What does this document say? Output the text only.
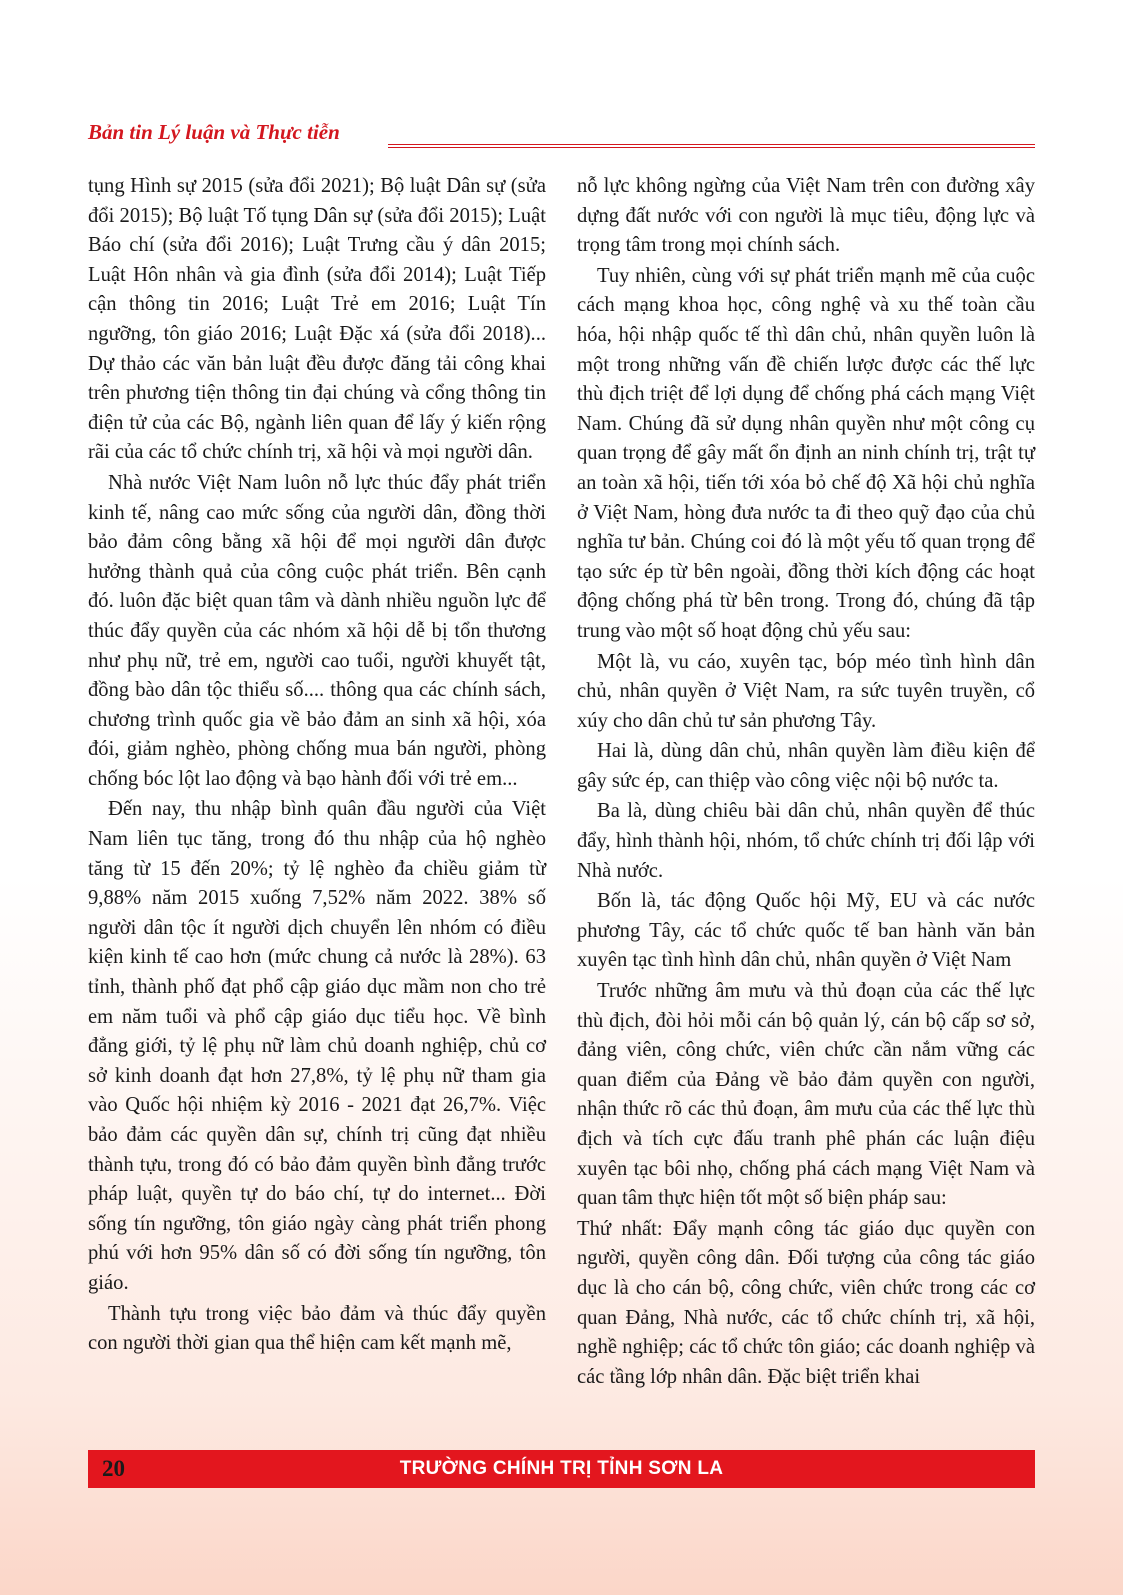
Bản tin Lý luận và Thực tiễn

tụng Hình sự 2015 (sửa đổi 2021); Bộ luật Dân sự (sửa đổi 2015); Bộ luật Tố tụng Dân sự (sửa đổi 2015); Luật Báo chí (sửa đổi 2016); Luật Trưng cầu ý dân 2015; Luật Hôn nhân và gia đình (sửa đổi 2014); Luật Tiếp cận thông tin 2016; Luật Trẻ em 2016; Luật Tín ngưỡng, tôn giáo 2016; Luật Đặc xá (sửa đổi 2018)... Dự thảo các văn bản luật đều được đăng tải công khai trên phương tiện thông tin đại chúng và cổng thông tin điện tử của các Bộ, ngành liên quan để lấy ý kiến rộng rãi của các tổ chức chính trị, xã hội và mọi người dân.

Nhà nước Việt Nam luôn nỗ lực thúc đẩy phát triển kinh tế, nâng cao mức sống của người dân, đồng thời bảo đảm công bằng xã hội để mọi người dân được hưởng thành quả của công cuộc phát triển. Bên cạnh đó. luôn đặc biệt quan tâm và dành nhiều nguồn lực để thúc đẩy quyền của các nhóm xã hội dễ bị tổn thương như phụ nữ, trẻ em, người cao tuổi, người khuyết tật, đồng bào dân tộc thiểu số.... thông qua các chính sách, chương trình quốc gia về bảo đảm an sinh xã hội, xóa đói, giảm nghèo, phòng chống mua bán người, phòng chống bóc lột lao động và bạo hành đối với trẻ em...

Đến nay, thu nhập bình quân đầu người của Việt Nam liên tục tăng, trong đó thu nhập của hộ nghèo tăng từ 15 đến 20%; tỷ lệ nghèo đa chiều giảm từ 9,88% năm 2015 xuống 7,52% năm 2022. 38% số người dân tộc ít người dịch chuyển lên nhóm có điều kiện kinh tế cao hơn (mức chung cả nước là 28%). 63 tỉnh, thành phố đạt phổ cập giáo dục mầm non cho trẻ em năm tuổi và phổ cập giáo dục tiểu học. Về bình đẳng giới, tỷ lệ phụ nữ làm chủ doanh nghiệp, chủ cơ sở kinh doanh đạt hơn 27,8%, tỷ lệ phụ nữ tham gia vào Quốc hội nhiệm kỳ 2016 - 2021 đạt 26,7%. Việc bảo đảm các quyền dân sự, chính trị cũng đạt nhiều thành tựu, trong đó có bảo đảm quyền bình đẳng trước pháp luật, quyền tự do báo chí, tự do internet... Đời sống tín ngưỡng, tôn giáo ngày càng phát triển phong phú với hơn 95% dân số có đời sống tín ngưỡng, tôn giáo.

Thành tựu trong việc bảo đảm và thúc đẩy quyền con người thời gian qua thể hiện cam kết mạnh mẽ,

nỗ lực không ngừng của Việt Nam trên con đường xây dựng đất nước với con người là mục tiêu, động lực và trọng tâm trong mọi chính sách.

Tuy nhiên, cùng với sự phát triển mạnh mẽ của cuộc cách mạng khoa học, công nghệ và xu thế toàn cầu hóa, hội nhập quốc tế thì dân chủ, nhân quyền luôn là một trong những vấn đề chiến lược được các thế lực thù địch triệt để lợi dụng để chống phá cách mạng Việt Nam. Chúng đã sử dụng nhân quyền như một công cụ quan trọng để gây mất ổn định an ninh chính trị, trật tự an toàn xã hội, tiến tới xóa bỏ chế độ Xã hội chủ nghĩa ở Việt Nam, hòng đưa nước ta đi theo quỹ đạo của chủ nghĩa tư bản. Chúng coi đó là một yếu tố quan trọng để tạo sức ép từ bên ngoài, đồng thời kích động các hoạt động chống phá từ bên trong. Trong đó, chúng đã tập trung vào một số hoạt động chủ yếu sau:

Một là, vu cáo, xuyên tạc, bóp méo tình hình dân chủ, nhân quyền ở Việt Nam, ra sức tuyên truyền, cổ xúy cho dân chủ tư sản phương Tây.

Hai là, dùng dân chủ, nhân quyền làm điều kiện để gây sức ép, can thiệp vào công việc nội bộ nước ta.

Ba là, dùng chiêu bài dân chủ, nhân quyền để thúc đẩy, hình thành hội, nhóm, tổ chức chính trị đối lập với Nhà nước.

Bốn là, tác động Quốc hội Mỹ, EU và các nước phương Tây, các tổ chức quốc tế ban hành văn bản xuyên tạc tình hình dân chủ, nhân quyền ở Việt Nam

Trước những âm mưu và thủ đoạn của các thế lực thù địch, đòi hỏi mỗi cán bộ quản lý, cán bộ cấp sơ sở, đảng viên, công chức, viên chức cần nắm vững các quan điểm của Đảng về bảo đảm quyền con người, nhận thức rõ các thủ đoạn, âm mưu của các thế lực thù địch và tích cực đấu tranh phê phán các luận điệu xuyên tạc bôi nhọ, chống phá cách mạng Việt Nam và quan tâm thực hiện tốt một số biện pháp sau:

Thứ nhất: Đẩy mạnh công tác giáo dục quyền con người, quyền công dân. Đối tượng của công tác giáo dục là cho cán bộ, công chức, viên chức trong các cơ quan Đảng, Nhà nước, các tổ chức chính trị, xã hội, nghề nghiệp; các tổ chức tôn giáo; các doanh nghiệp và các tầng lớp nhân dân. Đặc biệt triển khai

20	TRƯỜNG CHÍNH TRỊ TỈNH SƠN LA
